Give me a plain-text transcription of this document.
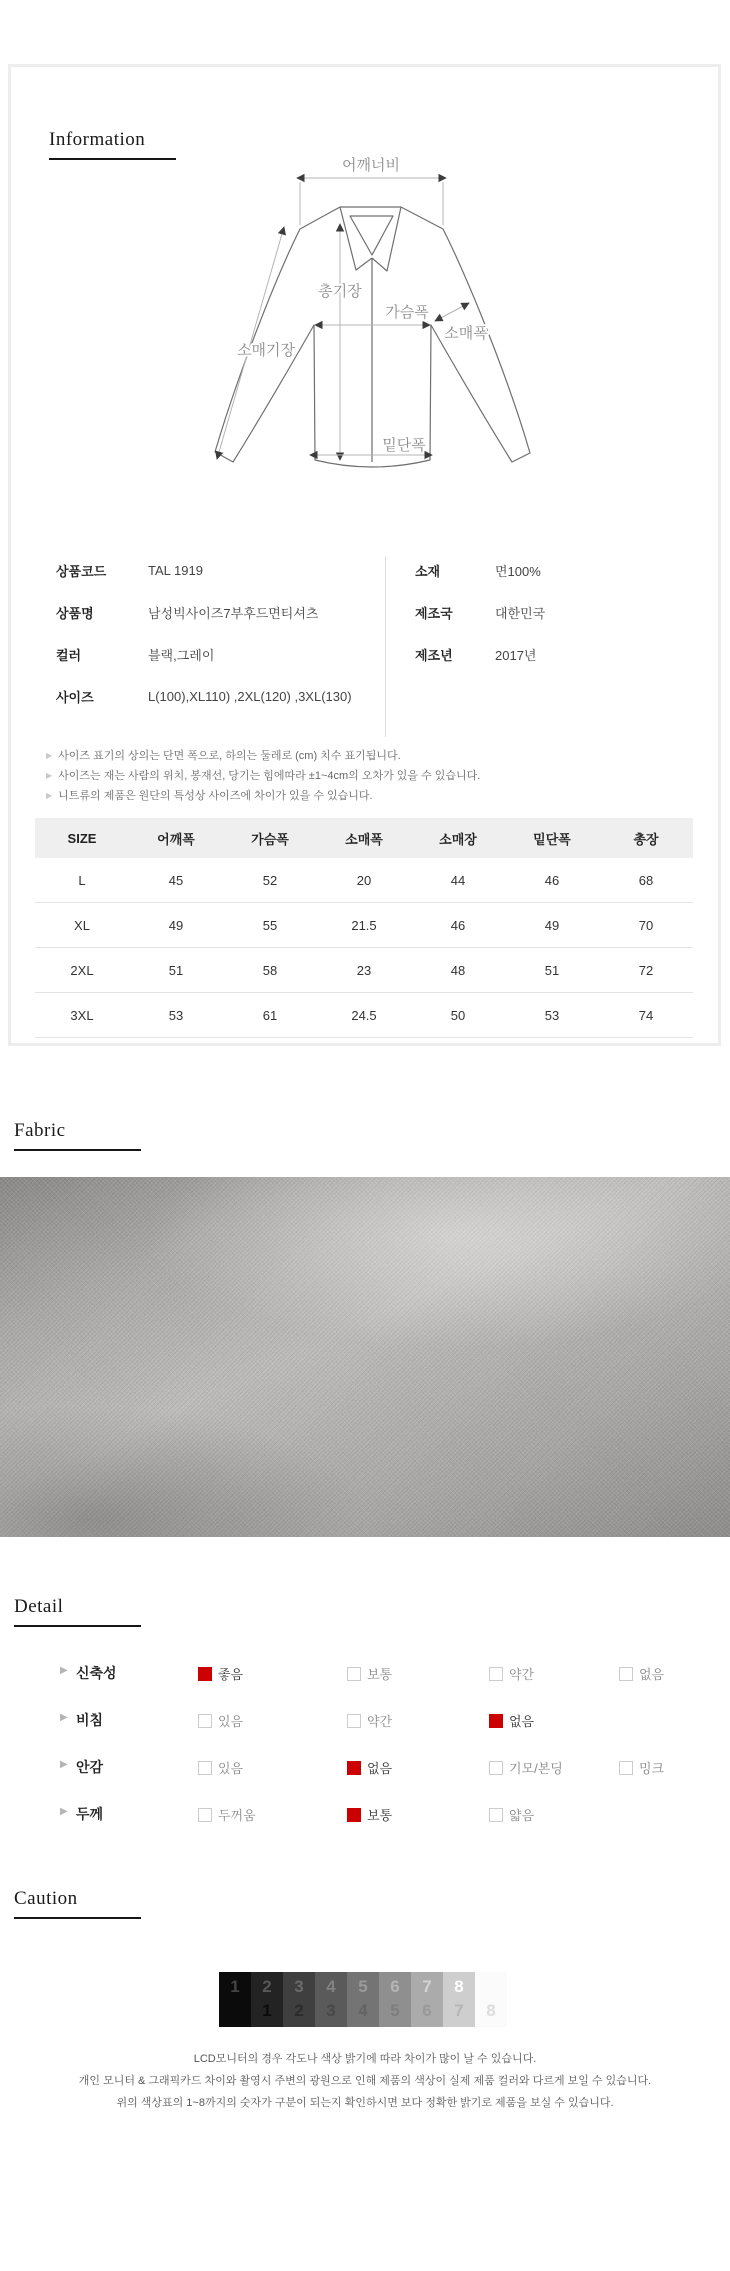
Information
어깨너비
총기장
가슴폭
소매폭
소매기장
밑단폭
상품코드	TAL 1919
상품명	남성빅사이즈7부후드면티셔츠
컬러	블랙,그레이
사이즈	L(100),XL110) ,2XL(120) ,3XL(130)
소재	면100%
제조국	대한민국
제조년	2017년
▶ 사이즈 표기의 상의는 단면 폭으로, 하의는 둘레로 (cm) 치수 표기됩니다.
▶ 사이즈는 재는 사람의 위치, 봉재선, 당기는 힘에따라 ±1~4cm의 오차가 있을 수 있습니다.
▶ 니트류의 제품은 원단의 특성상 사이즈에 차이가 있을 수 있습니다.
SIZE	어깨폭	가슴폭	소매폭	소매장	밑단폭	총장
L	45	52	20	44	46	68
XL	49	55	21.5	46	49	70
2XL	51	58	23	48	51	72
3XL	53	61	24.5	50	53	74
Fabric
Detail
▶ 신축성	좋음	보통	약간	없음
▶ 비침	있음	약간	없음
▶ 안감	있음	없음	기모/본딩	밍크
▶ 두께	두꺼움	보통	얇음
Caution
1	2	3	4	5	6	7	8
1	2	3	4	5	6	7	8
LCD모니터의 경우 각도나 색상 밝기에 따라 차이가 많이 날 수 있습니다.
개인 모니터 & 그래픽카드 차이와 촬영시 주변의 광원으로 인해 제품의 색상이 실제 제품 컬러와 다르게 보일 수 있습니다.
위의 색상표의 1~8까지의 숫자가 구분이 되는지 확인하시면 보다 정확한 밝기로 제품을 보실 수 있습니다.
